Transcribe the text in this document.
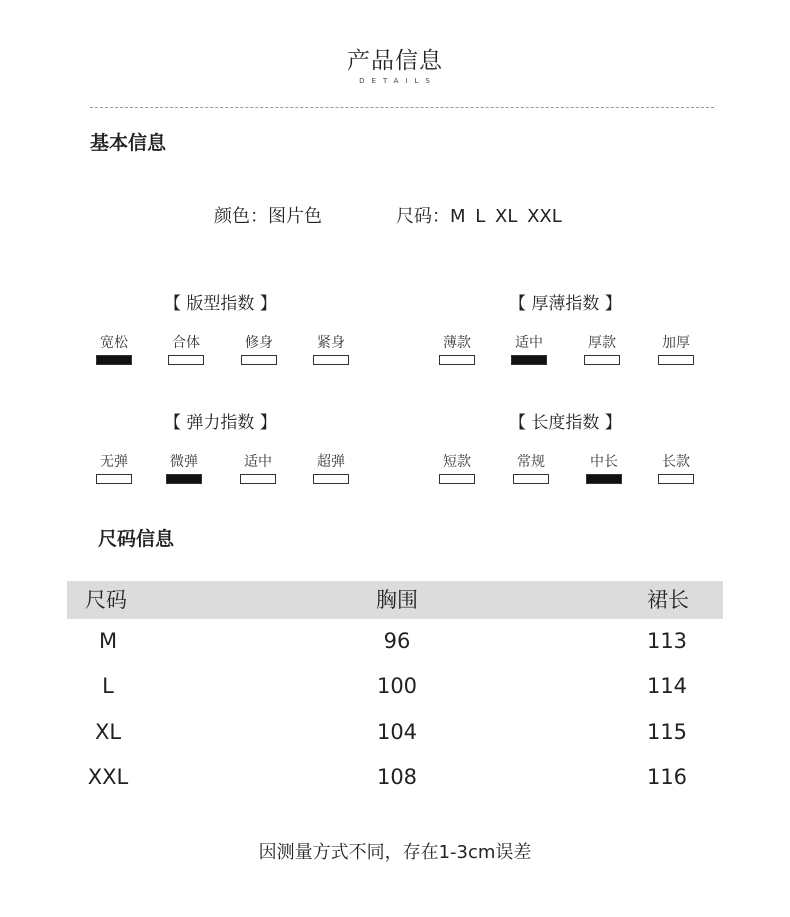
产品信息
DETAILS
基本信息
颜色：图片色	尺码：M L XL XXL
【 版型指数 】
宽松	合体	修身	紧身
【 厚薄指数 】
薄款	适中	厚款	加厚
【 弹力指数 】
无弹	微弹	适中	超弹
【 长度指数 】
短款	常规	中长	长款
尺码信息
尺码	胸围	裙长
M	96	113
L	100	114
XL	104	115
XXL	108	116
因测量方式不同，存在1-3cm误差
